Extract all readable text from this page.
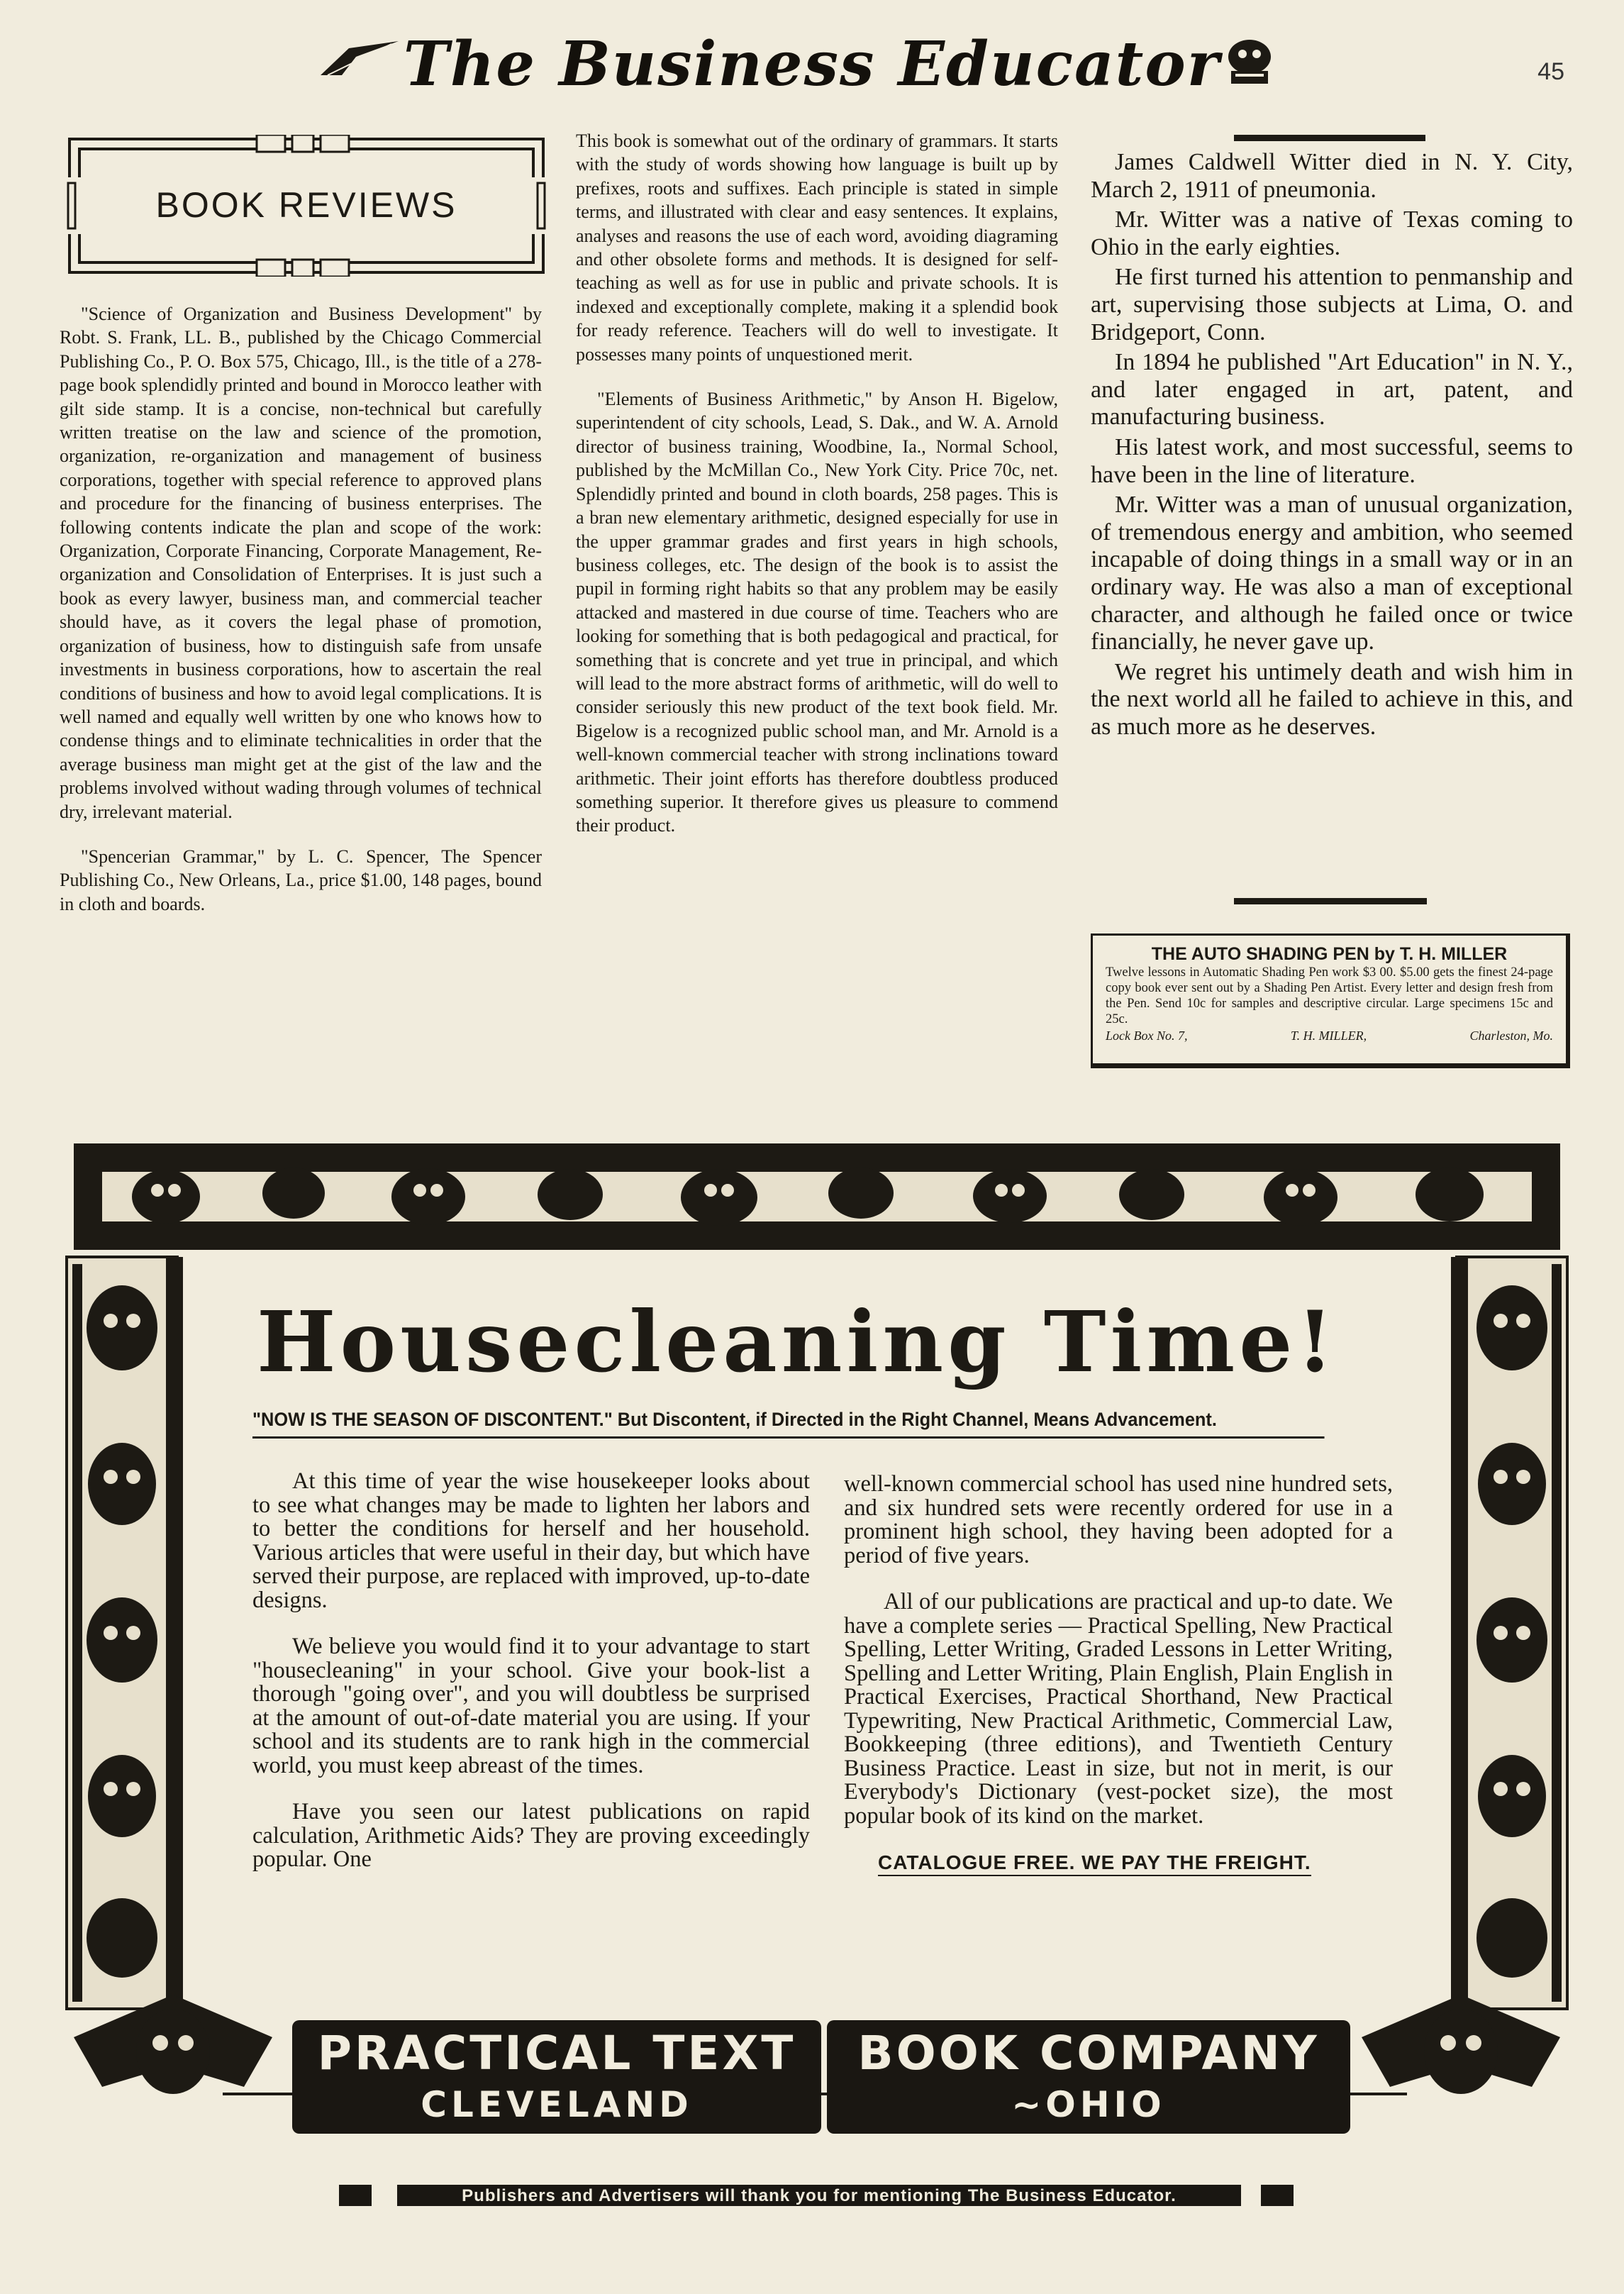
The Business Educator	45
BOOK REVIEWS

"Science of Organization and Business Development" by Robt. S. Frank, LL. B., published by the Chicago Commercial Publishing Co., P. O. Box 575, Chicago, Ill., is the title of a 278-page book splendidly printed and bound in Morocco leather with gilt side stamp. It is a concise, non-technical but carefully written treatise on the law and science of the promotion, organization, re-organization and management of business corporations, together with special reference to approved plans and procedure for the financing of business enterprises. The following contents indicate the plan and scope of the work: Organization, Corporate Financing, Corporate Management, Re-organization and Consolidation of Enterprises. It is just such a book as every lawyer, business man, and commercial teacher should have, as it covers the legal phase of promotion, organization of business, how to distinguish safe from unsafe investments in business corporations, how to ascertain the real conditions of business and how to avoid legal complications. It is well named and equally well written by one who knows how to condense things and to eliminate technicalities in order that the average business man might get at the gist of the law and the problems involved without wading through volumes of technical dry, irrelevant material.

"Spencerian Grammar," by L. C. Spencer, The Spencer Publishing Co., New Orleans, La., price $1.00, 148 pages, bound in cloth and boards.

This book is somewhat out of the ordinary of grammars. It starts with the study of words showing how language is built up by prefixes, roots and suffixes. Each principle is stated in simple terms, and illustrated with clear and easy sentences. It explains, analyses and reasons the use of each word, avoiding diagraming and other obsolete forms and methods. It is designed for self-teaching as well as for use in public and private schools. It is indexed and exceptionally complete, making it a splendid book for ready reference. Teachers will do well to investigate. It possesses many points of unquestioned merit.

"Elements of Business Arithmetic," by Anson H. Bigelow, superintendent of city schools, Lead, S. Dak., and W. A. Arnold director of business training, Woodbine, Ia., Normal School, published by the McMillan Co., New York City. Price 70c, net. Splendidly printed and bound in cloth boards, 258 pages. This is a bran new elementary arithmetic, designed especially for use in the upper grammar grades and first years in high schools, business colleges, etc. The design of the book is to assist the pupil in forming right habits so that any problem may be easily attacked and mastered in due course of time. Teachers who are looking for something that is both pedagogical and practical, for something that is concrete and yet true in principal, and which will lead to the more abstract forms of arithmetic, will do well to consider seriously this new product of the text book field. Mr. Bigelow is a recognized public school man, and Mr. Arnold is a well-known commercial teacher with strong inclinations toward arithmetic. Their joint efforts has therefore doubtless produced something superior. It therefore gives us pleasure to commend their product.

James Caldwell Witter died in N. Y. City, March 2, 1911 of pneumonia.

Mr. Witter was a native of Texas coming to Ohio in the early eighties.

He first turned his attention to penmanship and art, supervising those subjects at Lima, O. and Bridgeport, Conn.

In 1894 he published "Art Education" in N. Y., and later engaged in art, patent, and manufacturing business.

His latest work, and most successful, seems to have been in the line of literature.

Mr. Witter was a man of unusual organization, of tremendous energy and ambition, who seemed incapable of doing things in a small way or in an ordinary way. He was also a man of exceptional character, and although he failed once or twice financially, he never gave up.

We regret his untimely death and wish him in the next world all he failed to achieve in this, and as much more as he deserves.

THE AUTO SHADING PEN by T. H. MILLER
Twelve lessons in Automatic Shading Pen work $3 00. $5.00 gets the finest 24-page copy book ever sent out by a Shading Pen Artist. Every letter and design fresh from the Pen. Send 10c for samples and descriptive circular. Large specimens 15c and 25c.
Lock Box No. 7,	T. H. MILLER,	Charleston, Mo.
Housecleaning Time!
"NOW IS THE SEASON OF DISCONTENT." But Discontent, if Directed in the Right Channel, Means Advancement.

At this time of year the wise housekeeper looks about to see what changes may be made to lighten her labors and to better the conditions for herself and her household. Various articles that were useful in their day, but which have served their purpose, are replaced with improved, up-to-date designs.

We believe you would find it to your advantage to start "housecleaning" in your school. Give your book-list a thorough "going over", and you will doubtless be surprised at the amount of out-of-date material you are using. If your school and its students are to rank high in the commercial world, you must keep abreast of the times.

Have you seen our latest publications on rapid calculation, Arithmetic Aids? They are proving exceedingly popular. One

well-known commercial school has used nine hundred sets, and six hundred sets were recently ordered for use in a prominent high school, they having been adopted for a period of five years.

All of our publications are practical and up-to date. We have a complete series — Practical Spelling, New Practical Spelling, Letter Writing, Graded Lessons in Letter Writing, Spelling and Letter Writing, Plain English, Plain English in Practical Exercises, Practical Shorthand, New Practical Typewriting, New Practical Arithmetic, Commercial Law, Bookkeeping (three editions), and Twentieth Century Business Practice. Least in size, but not in merit, is our Everybody's Dictionary (vest-pocket size), the most popular book of its kind on the market.

CATALOGUE FREE. WE PAY THE FREIGHT.
PRACTICAL TEXT
CLEVELAND
BOOK COMPANY
~OHIO
Publishers and Advertisers will thank you for mentioning The Business Educator.
